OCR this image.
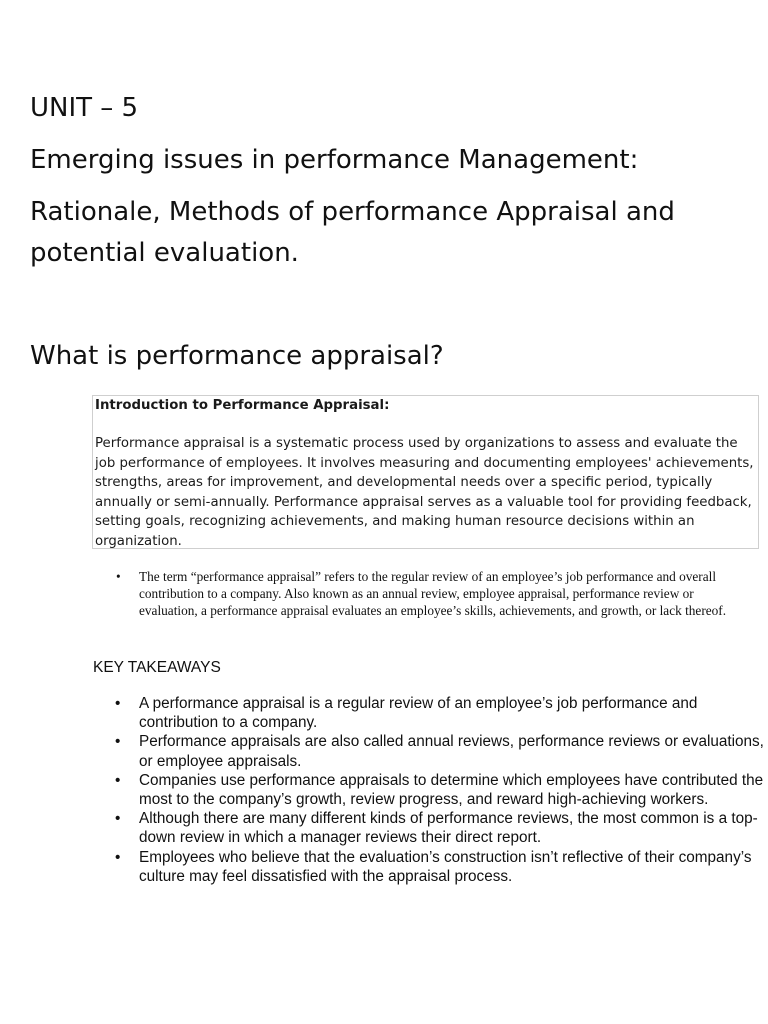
UNIT – 5
Emerging issues in performance Management:
Rationale, Methods of performance Appraisal and
potential evaluation.
What is performance appraisal?

Introduction to Performance Appraisal:

Performance appraisal is a systematic process used by organizations to assess and evaluate the job performance of employees. It involves measuring and documenting employees' achievements, strengths, areas for improvement, and developmental needs over a specific period, typically annually or semi-annually. Performance appraisal serves as a valuable tool for providing feedback, setting goals, recognizing achievements, and making human resource decisions within an organization.

• The term “performance appraisal” refers to the regular review of an employee’s job performance and overall contribution to a company. Also known as an annual review, employee appraisal, performance review or evaluation, a performance appraisal evaluates an employee’s skills, achievements, and growth, or lack thereof.
KEY TAKEAWAYS
• A performance appraisal is a regular review of an employee’s job performance and contribution to a company.
• Performance appraisals are also called annual reviews, performance reviews or evaluations, or employee appraisals.
• Companies use performance appraisals to determine which employees have contributed the most to the company’s growth, review progress, and reward high-achieving workers.
• Although there are many different kinds of performance reviews, the most common is a top-down review in which a manager reviews their direct report.
• Employees who believe that the evaluation’s construction isn’t reflective of their company’s culture may feel dissatisfied with the appraisal process.
